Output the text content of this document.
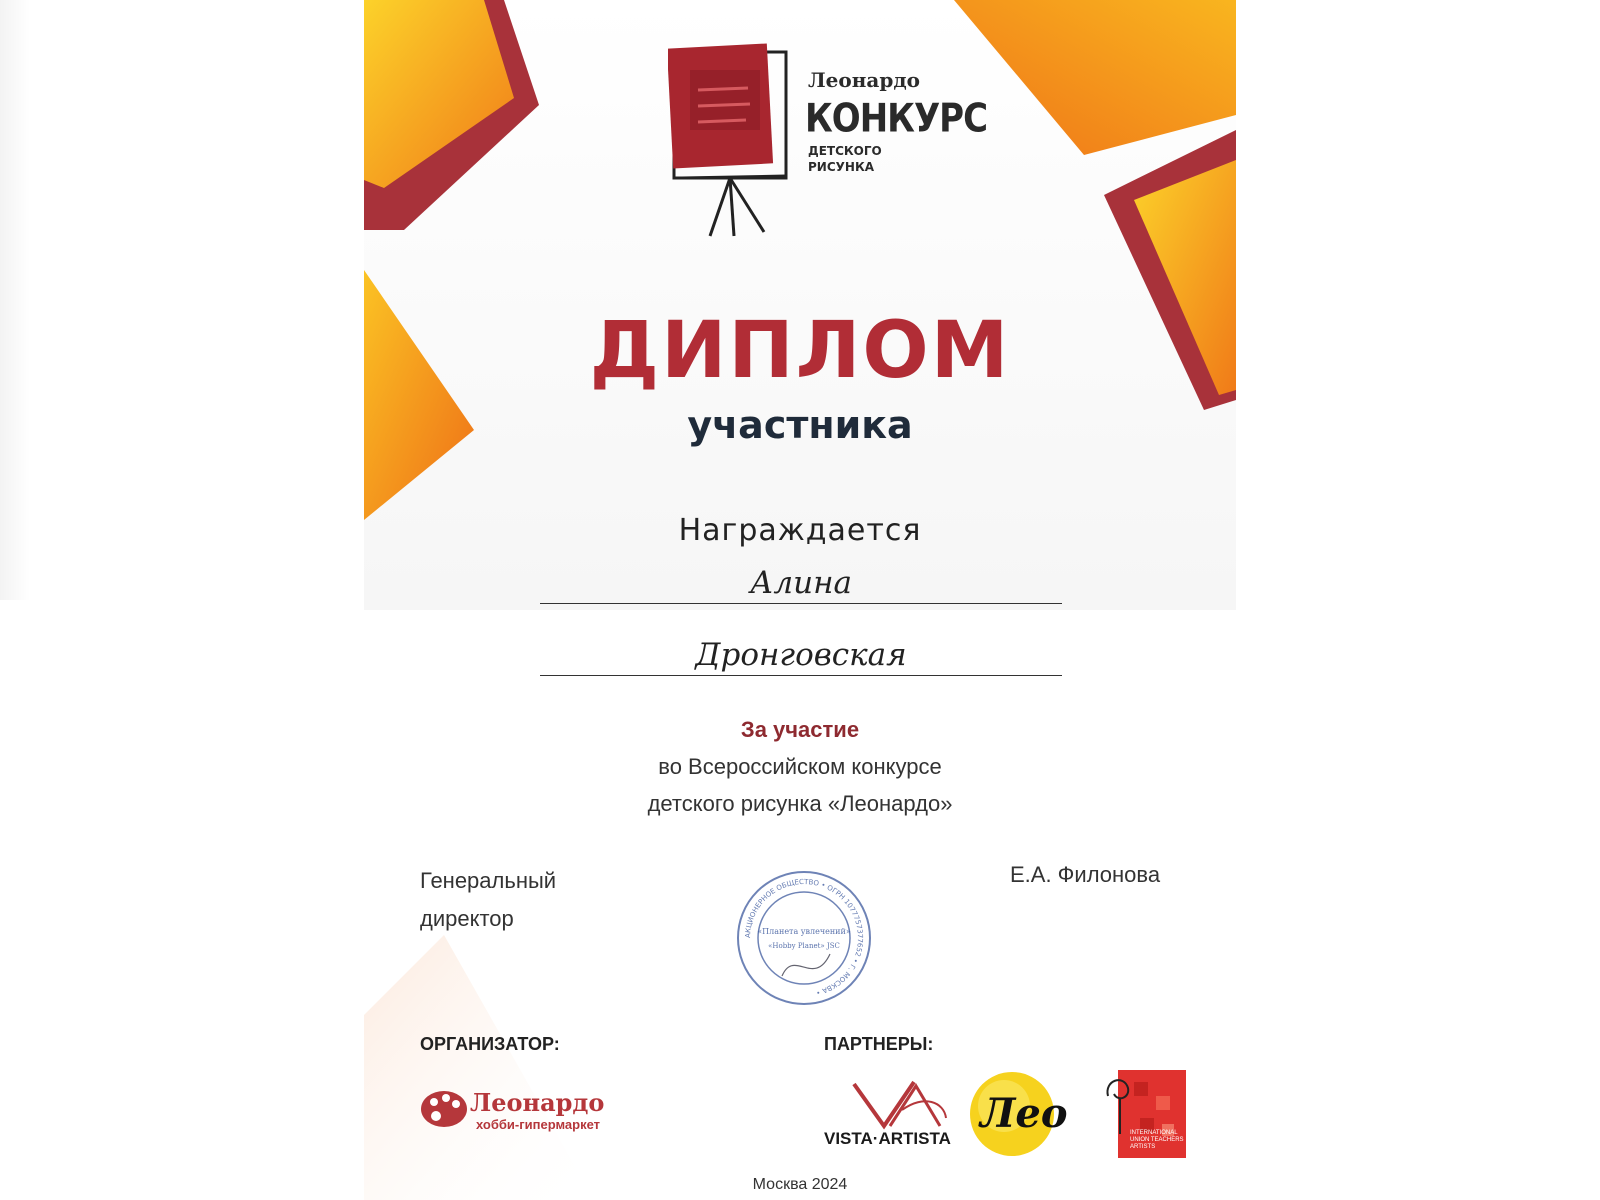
Леонардо
КОНКУРС
ДЕТСКОГО
РИСУНКА
ДИПЛОМ
участника
Награждается
Алина
Дронговская
За участие
во Всероссийском конкурсе
детского рисунка «Леонардо»
Генеральный
директор
Е.А. Филонова
АКЦИОНЕРНОЕ ОБЩЕСТВО • ОГРН 1077757377652 • Г. МОСКВА •
«Планета увлечений»
«Hobby Planet» JSC
ОРГАНИЗАТОР:	ПАРТНЕРЫ:
Леонардо
хобби-гипермаркет
VISTA·ARTISTA
Лео	INTERNATIONAL UNION TEACHERS ARTISTS
Москва 2024
